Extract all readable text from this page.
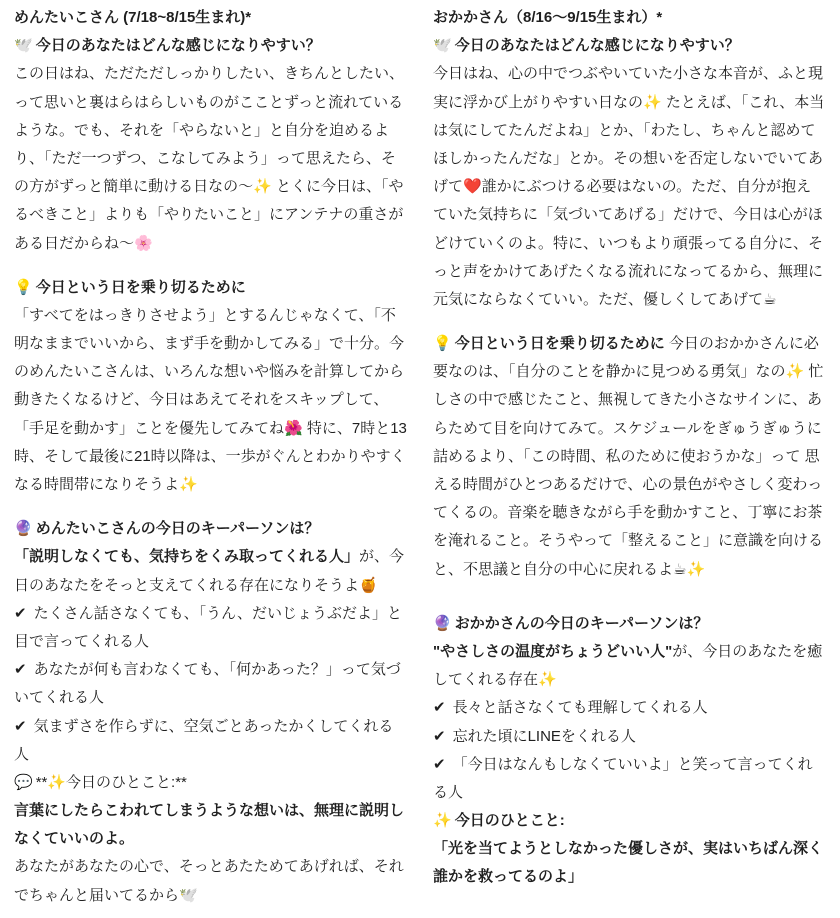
めんたいこさん (7/18~8/15生まれ)*

🕊️ 今日のあなたはどんな感じになりやすい？

この日はね、ただただしっかりしたい、きちんとしたい、って思いと裏はらはらしいものがこことずっと流れているような。でも、それを「やらないと」と自分を迫めるより、「ただ一つずつ、こなしてみよう」って思えたら、その方がずっと簡単に動ける日なの〜✨ とくに今日は、「やるべきこと」よりも「やりたいこと」にアンテナの重さがある日だからね〜🌸

💡 今日という日を乗り切るために

「すべてをはっきりさせよう」とするんじゃなくて、「不明なままでいいから、まず手を動かしてみる」で十分。今のめんたいこさんは、いろんな想いや悩みを計算してから動きたくなるけど、今日はあえてそれをスキップして、「手足を動かす」ことを優先してみてね🌺 特に、7時と13時、そして最後に21時以降は、一歩がぐんとわかりやすくなる時間帯になりそうよ✨

🔮 めんたいこさんの今日のキーパーソンは？

「説明しなくても、気持ちをくみ取ってくれる人」が、今日のあなたをそっと支えてくれる存在になりそうよ🍯

✔ たくさん話さなくても、「うん、だいじょうぶだよ」と目で言ってくれる人

✔ あなたが何も言わなくても、「何かあった？」って気づいてくれる人

✔ 気まずさを作らずに、空気ごとあったかくしてくれる人

💬 **✨今日のひとこと:**

言葉にしたらこわれてしまうような想いは、無理に説明しなくていいのよ。

あなたがあなたの心で、そっとあたためてあげれば、それでちゃんと届いてるから🕊️

おかかさん（8/16〜9/15生まれ）*

🕊️ 今日のあなたはどんな感じになりやすい？

今日はね、心の中でつぶやいていた小さな本音が、ふと現実に浮かび上がりやすい日なの✨ たとえば、「これ、本当は気にしてたんだよね」とか、「わたし、ちゃんと認めてほしかったんだな」とか。その想いを否定しないでいてあげて❤️誰かにぶつける必要はないの。ただ、自分が抱えていた気持ちに「気づいてあげる」だけで、今日は心がほどけていくのよ。特に、いつもより頑張ってる自分に、そっと声をかけてあげたくなる流れになってるから、無理に元気にならなくていい。ただ、優しくしてあげて☕

💡 今日という日を乗り切るために 今日のおかかさんに必要なのは、「自分のことを静かに見つめる勇気」なの✨ 忙しさの中で感じたこと、無視してきた小さなサインに、あらためて目を向けてみて。スケジュールをぎゅうぎゅうに詰めるより、「この時間、私のために使おうかな」って 思える時間がひとつあるだけで、心の景色がやさしく変わってくるの。音楽を聴きながら手を動かすこと、丁寧にお茶を淹れること。そうやって「整えること」に意識を向けると、不思議と自分の中心に戻れるよ☕✨

🔮 おかかさんの今日のキーパーソンは？

"やさしさの温度がちょうどいい人"が、今日のあなたを癒してくれる存在✨

✔ 長々と話さなくても理解してくれる人

✔ 忘れた頃にLINEをくれる人

✔ 「今日はなんもしなくていいよ」と笑って言ってくれる人

✨ 今日のひとこと:

「光を当てようとしなかった優しさが、実はいちばん深く誰かを救ってるのよ」
